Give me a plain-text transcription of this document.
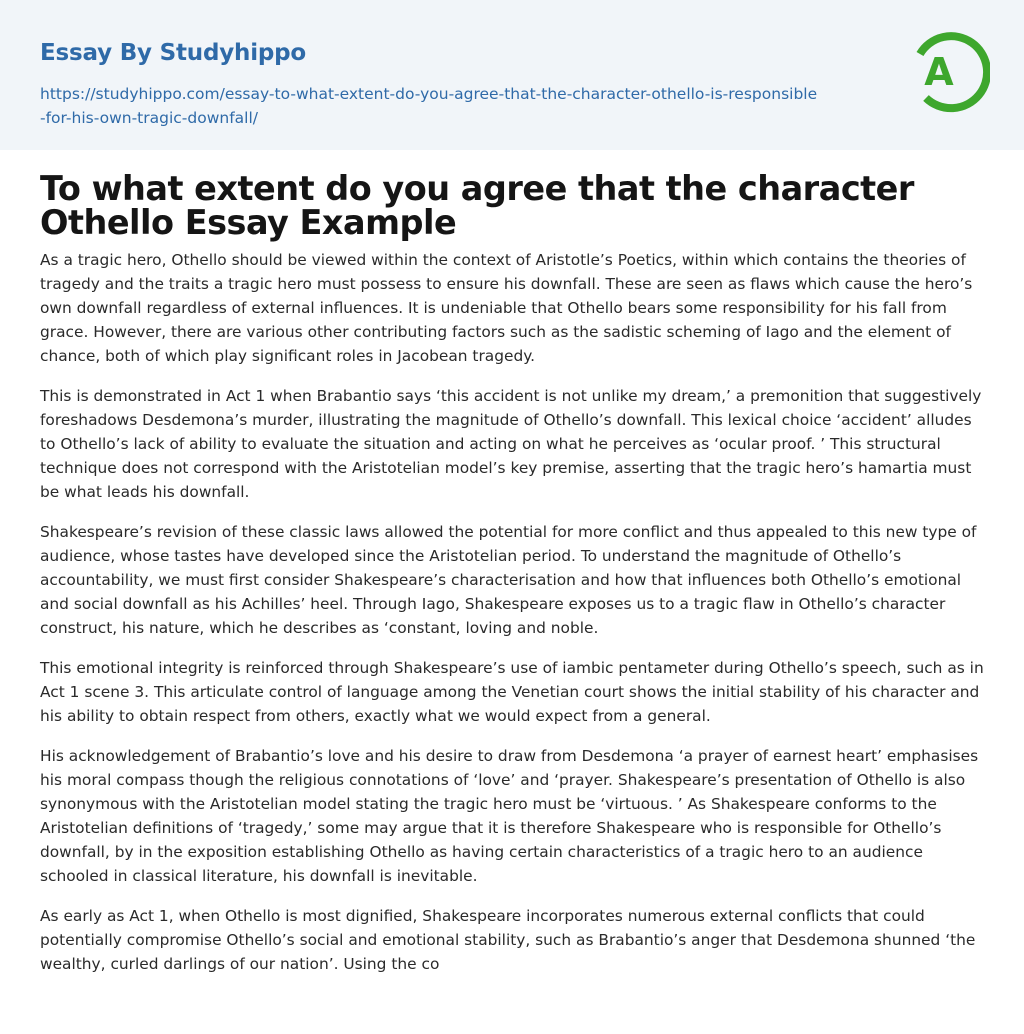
Essay By Studyhippo
https://studyhippo.com/essay-to-what-extent-do-you-agree-that-the-character-othello-is-responsible-for-his-own-tragic-downfall/
A
To what extent do you agree that the character Othello Essay Example

As a tragic hero, Othello should be viewed within the context of Aristotle’s Poetics, within which contains the theories of tragedy and the traits a tragic hero must possess to ensure his downfall. These are seen as flaws which cause the hero’s own downfall regardless of external influences. It is undeniable that Othello bears some responsibility for his fall from grace. However, there are various other contributing factors such as the sadistic scheming of Iago and the element of chance, both of which play significant roles in Jacobean tragedy.

This is demonstrated in Act 1 when Brabantio says ‘this accident is not unlike my dream,’ a premonition that suggestively foreshadows Desdemona’s murder, illustrating the magnitude of Othello’s downfall. This lexical choice ‘accident’ alludes to Othello’s lack of ability to evaluate the situation and acting on what he perceives as ‘ocular proof. ’ This structural technique does not correspond with the Aristotelian model’s key premise, asserting that the tragic hero’s hamartia must be what leads his downfall.

Shakespeare’s revision of these classic laws allowed the potential for more conflict and thus appealed to this new type of audience, whose tastes have developed since the Aristotelian period. To understand the magnitude of Othello’s accountability, we must first consider Shakespeare’s characterisation and how that influences both Othello’s emotional and social downfall as his Achilles’ heel. Through Iago, Shakespeare exposes us to a tragic flaw in Othello’s character construct, his nature, which he describes as ‘constant, loving and noble.

This emotional integrity is reinforced through Shakespeare’s use of iambic pentameter during Othello’s speech, such as in Act 1 scene 3. This articulate control of language among the Venetian court shows the initial stability of his character and his ability to obtain respect from others, exactly what we would expect from a general.

His acknowledgement of Brabantio’s love and his desire to draw from Desdemona ‘a prayer of earnest heart’ emphasises his moral compass though the religious connotations of ‘love’ and ‘prayer. Shakespeare’s presentation of Othello is also synonymous with the Aristotelian model stating the tragic hero must be ‘virtuous. ’ As Shakespeare conforms to the Aristotelian definitions of ‘tragedy,’ some may argue that it is therefore Shakespeare who is responsible for Othello’s downfall, by in the exposition establishing Othello as having certain characteristics of a tragic hero to an audience schooled in classical literature, his downfall is inevitable.

As early as Act 1, when Othello is most dignified, Shakespeare incorporates numerous external conflicts that could potentially compromise Othello’s social and emotional stability, such as Brabantio’s anger that Desdemona shunned ‘the wealthy, curled darlings of our nation’. Using the co
